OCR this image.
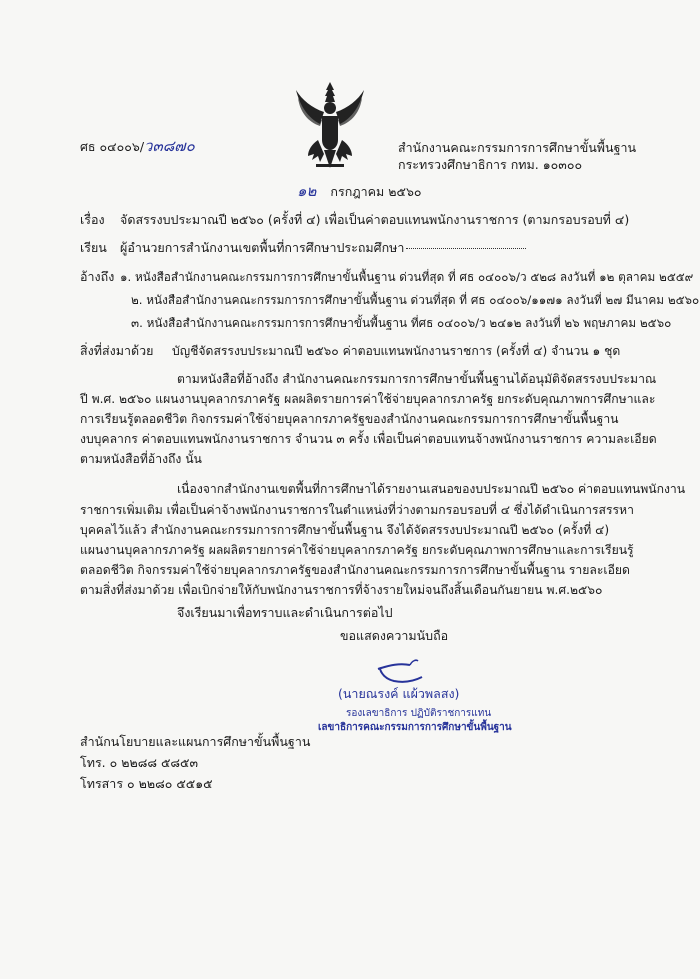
ศธ ๐๔๐๐๖/ว๓๘๗๐	สำนักงานคณะกรรมการการศึกษาขั้นพื้นฐาน
กระทรวงศึกษาธิการ กทม. ๑๐๓๐๐
๑๒ กรกฎาคม ๒๕๖๐
เรื่อง จัดสรรงบประมาณปี ๒๕๖๐ (ครั้งที่ ๔) เพื่อเป็นค่าตอบแทนพนักงานราชการ (ตามกรอบรอบที่ ๔)
เรียน ผู้อำนวยการสำนักงานเขตพื้นที่การศึกษาประถมศึกษา
อ้างถึง ๑. หนังสือสำนักงานคณะกรรมการการศึกษาขั้นพื้นฐาน ด่วนที่สุด ที่ ศธ ๐๔๐๐๖/ว ๕๒๘ ลงวันที่ ๑๒ ตุลาคม ๒๕๕๙
๒. หนังสือสำนักงานคณะกรรมการการศึกษาขั้นพื้นฐาน ด่วนที่สุด ที่ ศธ ๐๔๐๐๖/๑๑๗๑ ลงวันที่ ๒๗ มีนาคม ๒๕๖๐
๓. หนังสือสำนักงานคณะกรรมการการศึกษาขั้นพื้นฐาน ที่ศธ ๐๔๐๐๖/ว ๒๔๑๒ ลงวันที่ ๒๖ พฤษภาคม ๒๕๖๐
สิ่งที่ส่งมาด้วย บัญชีจัดสรรงบประมาณปี ๒๕๖๐ ค่าตอบแทนพนักงานราชการ (ครั้งที่ ๔) จำนวน ๑ ชุด
ตามหนังสือที่อ้างถึง สำนักงานคณะกรรมการการศึกษาขั้นพื้นฐานได้อนุมัติจัดสรรงบประมาณ
ปี พ.ศ. ๒๕๖๐ แผนงานบุคลากรภาครัฐ ผลผลิตรายการค่าใช้จ่ายบุคลากรภาครัฐ ยกระดับคุณภาพการศึกษาและ
การเรียนรู้ตลอดชีวิต กิจกรรมค่าใช้จ่ายบุคลากรภาครัฐของสำนักงานคณะกรรมการการศึกษาขั้นพื้นฐาน
งบบุคลากร ค่าตอบแทนพนักงานราชการ จำนวน ๓ ครั้ง เพื่อเป็นค่าตอบแทนจ้างพนักงานราชการ ความละเอียด
ตามหนังสือที่อ้างถึง นั้น
เนื่องจากสำนักงานเขตพื้นที่การศึกษาได้รายงานเสนอของบประมาณปี ๒๕๖๐ ค่าตอบแทนพนักงาน
ราชการเพิ่มเติม เพื่อเป็นค่าจ้างพนักงานราชการในตำแหน่งที่ว่างตามกรอบรอบที่ ๔ ซึ่งได้ดำเนินการสรรหา
บุคคลไว้แล้ว สำนักงานคณะกรรมการการศึกษาขั้นพื้นฐาน จึงได้จัดสรรงบประมาณปี ๒๕๖๐ (ครั้งที่ ๔)
แผนงานบุคลากรภาครัฐ ผลผลิตรายการค่าใช้จ่ายบุคลากรภาครัฐ ยกระดับคุณภาพการศึกษาและการเรียนรู้
ตลอดชีวิต กิจกรรมค่าใช้จ่ายบุคลากรภาครัฐของสำนักงานคณะกรรมการการศึกษาขั้นพื้นฐาน รายละเอียด
ตามสิ่งที่ส่งมาด้วย เพื่อเบิกจ่ายให้กับพนักงานราชการที่จ้างรายใหม่จนถึงสิ้นเดือนกันยายน พ.ศ.๒๕๖๐
จึงเรียนมาเพื่อทราบและดำเนินการต่อไป
ขอแสดงความนับถือ
(นายณรงค์ แผ้วพลสง)
รองเลขาธิการ ปฏิบัติราชการแทน
เลขาธิการคณะกรรมการการศึกษาขั้นพื้นฐาน
สำนักนโยบายและแผนการศึกษาขั้นพื้นฐาน
โทร. ๐ ๒๒๘๘ ๕๘๕๓
โทรสาร ๐ ๒๒๘๐ ๕๕๑๕
